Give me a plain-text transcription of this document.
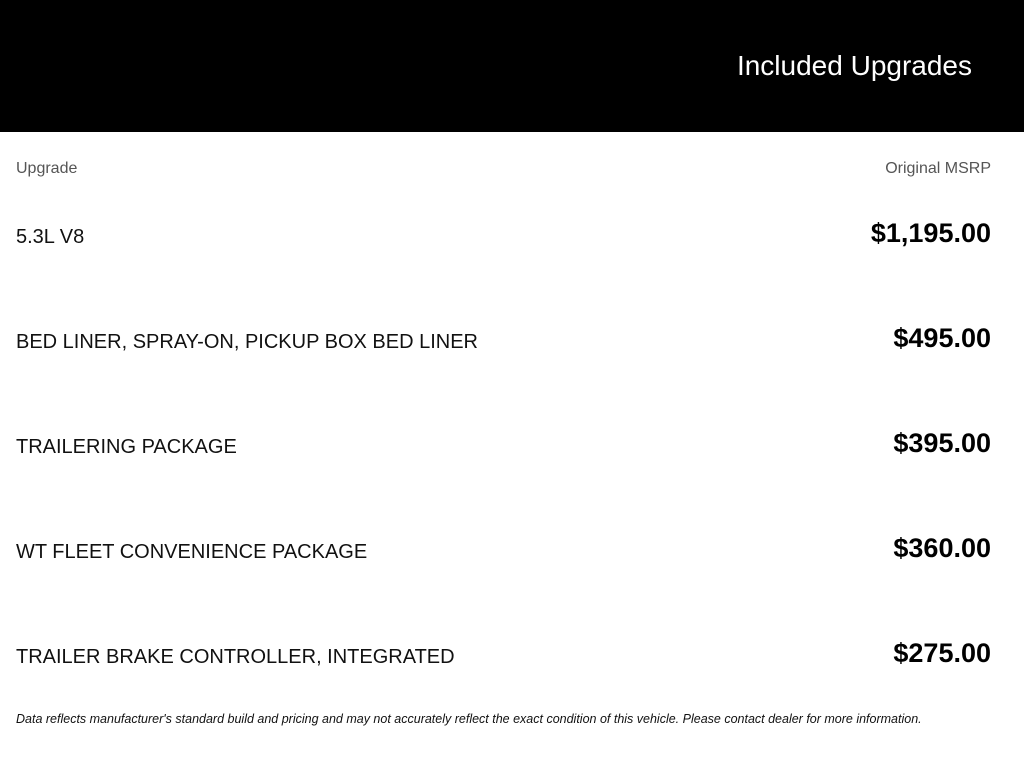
Included Upgrades
Upgrade	Original MSRP
5.3L V8	$1,195.00
BED LINER, SPRAY-ON, PICKUP BOX BED LINER	$495.00
TRAILERING PACKAGE	$395.00
WT FLEET CONVENIENCE PACKAGE	$360.00
TRAILER BRAKE CONTROLLER, INTEGRATED	$275.00
Data reflects manufacturer's standard build and pricing and may not accurately reflect the exact condition of this vehicle. Please contact dealer for more information.
